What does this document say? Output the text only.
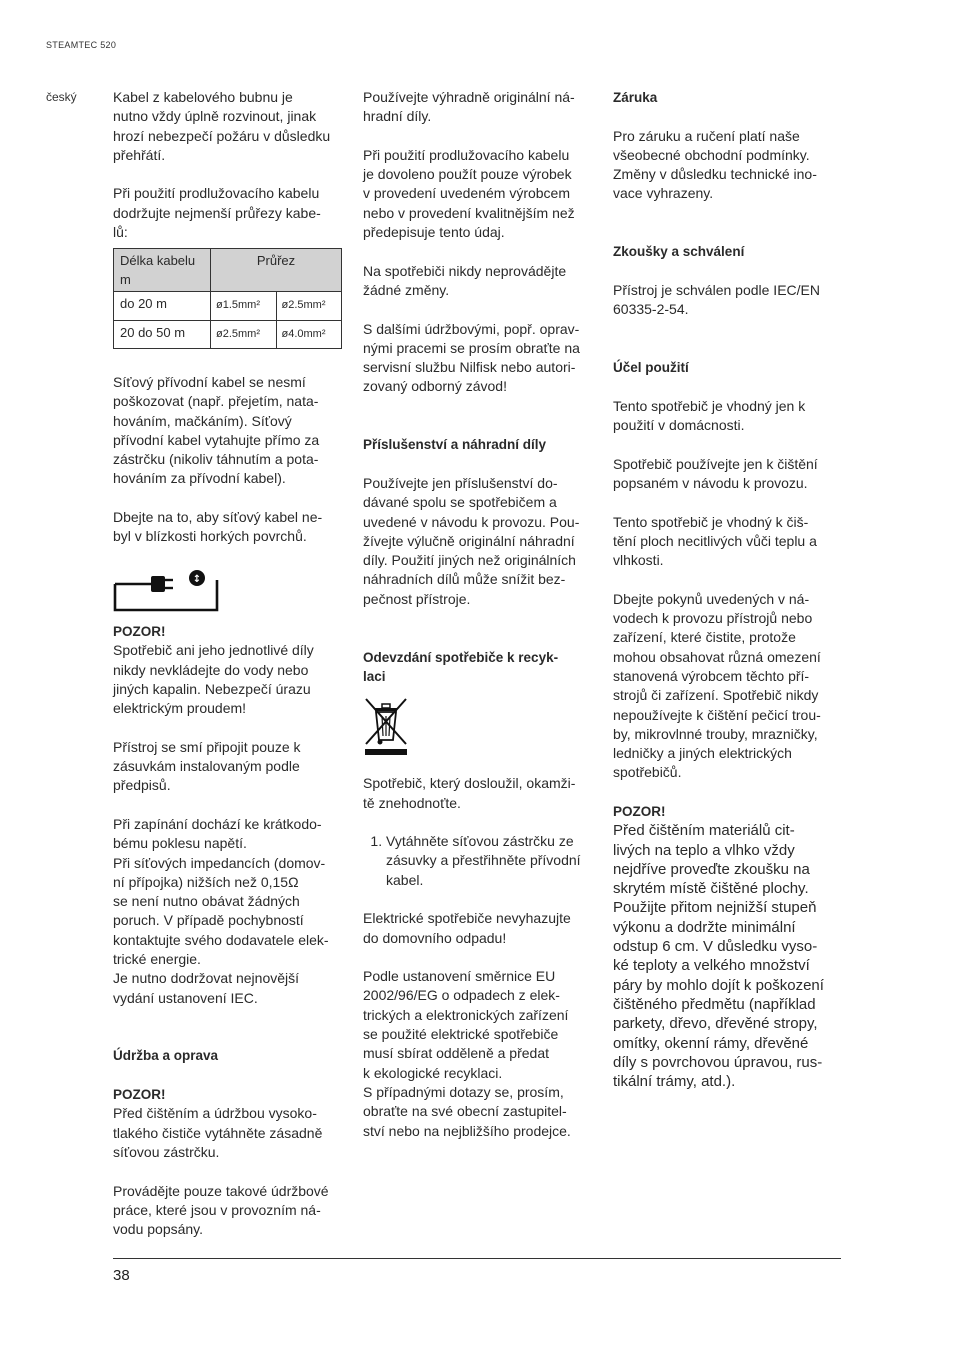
STEAMTEC 520
český	Kabel z kabelového bubnu je
nutno vždy úplně rozvinout, jinak
hrozí nebezpečí požáru v důsledku
přehřátí.

Při použití prodlužovacího kabelu
dodržujte nejmenší průřezy kabe-
lů:

Délka kabelu
m	Průřez	
do 20 m	ø1.5mm²	ø2.5mm²
20 do 50 m	ø2.5mm²	ø4.0mm²

Síťový přívodní kabel se nesmí
poškozovat (např. přejetím, nata-
hováním, mačkáním). Síťový
přívodní kabel vytahujte přímo za
zástrčku (nikoliv táhnutím a pota-
hováním za přívodní kabel).

Dbejte na to, aby síťový kabel ne-
byl v blízkosti horkých povrchů.

↕
POZOR!

Spotřebič ani jeho jednotlivé díly
nikdy nevkládejte do vody nebo
jiných kapalin. Nebezpečí úrazu
elektrickým proudem!

Přístroj se smí připojit pouze k
zásuvkám instalovaným podle
předpisů.

Při zapínání dochází ke krátkodo-
bému poklesu napětí.
Při síťových impedancích (domov-
ní přípojka) nižších než 0,15Ω
se není nutno obávat žádných
poruch. V případě pochybností
kontaktujte svého dodavatele elek-
trické energie.
Je nutno dodržovat nejnovější
vydání ustanovení IEC.

Údržba a oprava
POZOR!

Před čištěním a údržbou vysoko-
tlakého čističe vytáhněte zásadně
síťovou zástrčku.

Provádějte pouze takové údržbové
práce, které jsou v provozním ná-
vodu popsány.

Používejte výhradně originální ná-
hradní díly.

Při použití prodlužovacího kabelu
je dovoleno použít pouze výrobek
v provedení uvedeném výrobcem
nebo v provedení kvalitnějším než
předepisuje tento údaj.

Na spotřebiči nikdy neprovádějte
žádné změny.

S dalšími údržbovými, popř. oprav-
nými pracemi se prosím obraťte na
servisní službu Nilfisk nebo autori-
zovaný odborný závod!

Příslušenství a náhradní díly

Používejte jen příslušenství do-
dávané spolu se spotřebičem a
uvedené v návodu k provozu. Pou-
žívejte výlučně originální náhradní
díly. Použití jiných než originálních
náhradních dílů může snížit bez-
pečnost přístroje.

Odevzdání spotřebiče k recyk-
laci

Spotřebič, který dosloužil, okamži-
tě znehodnoťte.

1. Vytáhněte síťovou zástrčku ze
zásuvky a přestřihněte přívodní
kabel.

Elektrické spotřebiče nevyhazujte
do domovního odpadu!

Podle ustanovení směrnice EU
2002/96/EG o odpadech z elek-
trických a elektronických zařízení
se použité elektrické spotřebiče
musí sbírat odděleně a předat
k ekologické recyklaci.
S případnými dotazy se, prosím,
obraťte na své obecní zastupitel-
ství nebo na nejbližšího prodejce.

Záruka

Pro záruku a ručení platí naše
všeobecné obchodní podmínky.
Změny v důsledku technické ino-
vace vyhrazeny.

Zkoušky a schválení

Přístroj je schválen podle IEC/EN
60335-2-54.

Účel použití

Tento spotřebič je vhodný jen k
použití v domácnosti.

Spotřebič používejte jen k čištění
popsaném v návodu k provozu.

Tento spotřebič je vhodný k čiš-
tění ploch necitlivých vůči teplu a
vlhkosti.

Dbejte pokynů uvedených v ná-
vodech k provozu přístrojů nebo
zařízení, které čistite, protože
mohou obsahovat různá omezení
stanovená výrobcem těchto pří-
strojů či zařízení. Spotřebič nikdy
nepoužívejte k čištění pečicí trou-
by, mikrovlnné trouby, mrazničky,
ledničky a jiných elektrických
spotřebičů.

POZOR!

Před čištěním materiálů cit-
livých na teplo a vlhko vždy
nejdříve proveďte zkoušku na
skrytém místě čištěné plochy.
Použijte přitom nejnižší stupeň
výkonu a dodržte minimální
odstup 6 cm. V důsledku vyso-
ké teploty a velkého množství
páry by mohlo dojít k poškození
čištěného předmětu (například
parkety, dřevo, dřevěné stropy,
omítky, okenní rámy, dřevěné
díly s povrchovou úpravou, rus-
tikální trámy, atd.).

38
